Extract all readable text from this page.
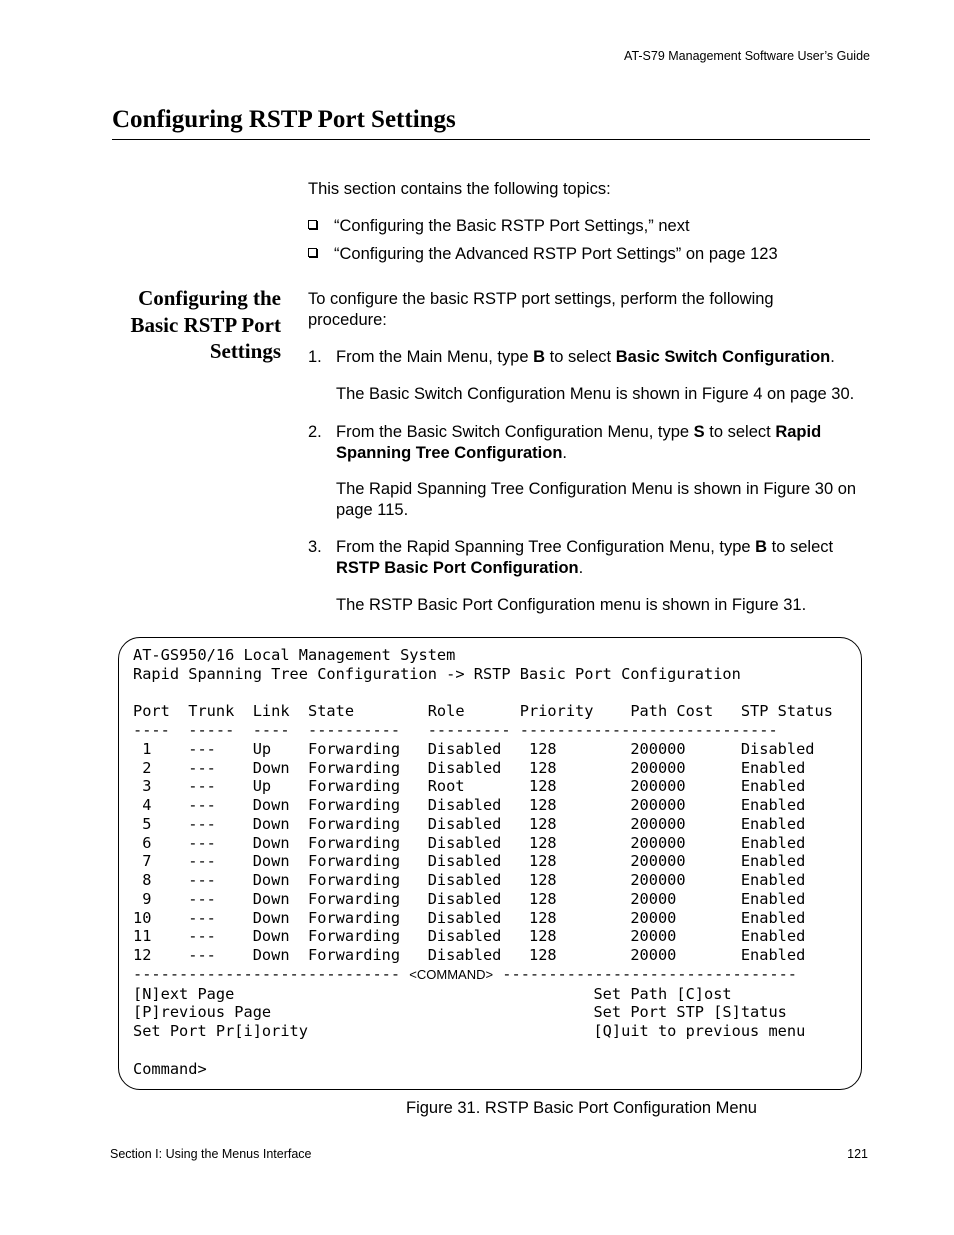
AT-S79 Management Software User’s Guide
Configuring RSTP Port Settings
This section contains the following topics:
“Configuring the Basic RSTP Port Settings,” next
“Configuring the Advanced RSTP Port Settings” on page 123
Configuring the
Basic RSTP Port
Settings
To configure the basic RSTP port settings, perform the following procedure:
1. From the Main Menu, type B to select Basic Switch Configuration.
The Basic Switch Configuration Menu is shown in Figure 4 on page 30.
2. From the Basic Switch Configuration Menu, type S to select Rapid Spanning Tree Configuration.
The Rapid Spanning Tree Configuration Menu is shown in Figure 30 on page 115.
3. From the Rapid Spanning Tree Configuration Menu, type B to select RSTP Basic Port Configuration.
The RSTP Basic Port Configuration menu is shown in Figure 31.
AT-GS950/16 Local Management System
Rapid Spanning Tree Configuration -> RSTP Basic Port Configuration

Port  Trunk  Link  State        Role      Priority    Path Cost   STP Status
----  -----  ----  ----------   --------- ----------------------------
1    ---    Up    Forwarding   Disabled   128        200000      Disabled
2    ---    Down  Forwarding   Disabled   128        200000      Enabled
3    ---    Up    Forwarding   Root       128        200000      Enabled
4    ---    Down  Forwarding   Disabled   128        200000      Enabled
5    ---    Down  Forwarding   Disabled   128        200000      Enabled
6    ---    Down  Forwarding   Disabled   128        200000      Enabled
7    ---    Down  Forwarding   Disabled   128        200000      Enabled
8    ---    Down  Forwarding   Disabled   128        200000      Enabled
9    ---    Down  Forwarding   Disabled   128        20000       Enabled
10    ---    Down  Forwarding   Disabled   128        20000       Enabled
11    ---    Down  Forwarding   Disabled   128        20000       Enabled
12    ---    Down  Forwarding   Disabled   128        20000       Enabled
----------------------------- <COMMAND> --------------------------------
[N]ext Page                                       Set Path [C]ost
[P]revious Page                                   Set Port STP [S]tatus
Set Port Pr[i]ority                               [Q]uit to previous menu

Command>
Figure 31. RSTP Basic Port Configuration Menu
Section I: Using the Menus Interface	121
